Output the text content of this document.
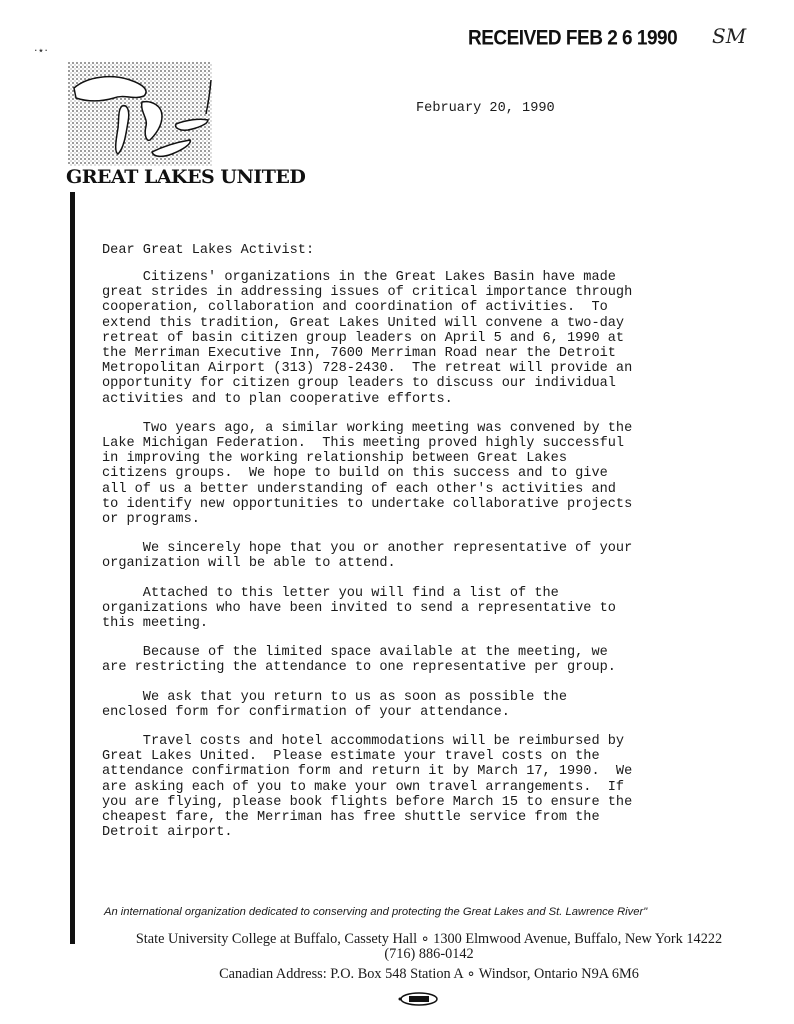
RECEIVED FEB 2 6 1990 SM
·⋆·
GREAT LAKES UNITED
February 20, 1990
Dear Great Lakes Activist:

Citizens' organizations in the Great Lakes Basin have made
great strides in addressing issues of critical importance through
cooperation, collaboration and coordination of activities.  To
extend this tradition, Great Lakes United will convene a two-day
retreat of basin citizen group leaders on April 5 and 6, 1990 at
the Merriman Executive Inn, 7600 Merriman Road near the Detroit
Metropolitan Airport (313) 728-2430.  The retreat will provide an
opportunity for citizen group leaders to discuss our individual
activities and to plan cooperative efforts.

Two years ago, a similar working meeting was convened by the
Lake Michigan Federation.  This meeting proved highly successful
in improving the working relationship between Great Lakes
citizens groups.  We hope to build on this success and to give
all of us a better understanding of each other's activities and
to identify new opportunities to undertake collaborative projects
or programs.

We sincerely hope that you or another representative of your
organization will be able to attend.

Attached to this letter you will find a list of the
organizations who have been invited to send a representative to
this meeting.

Because of the limited space available at the meeting, we
are restricting the attendance to one representative per group.

We ask that you return to us as soon as possible the
enclosed form for confirmation of your attendance.

Travel costs and hotel accommodations will be reimbursed by
Great Lakes United.  Please estimate your travel costs on the
attendance confirmation form and return it by March 17, 1990.  We
are asking each of you to make your own travel arrangements.  If
you are flying, please book flights before March 15 to ensure the
cheapest fare, the Merriman has free shuttle service from the
Detroit airport.

An international organization dedicated to conserving and protecting the Great Lakes and St. Lawrence River"
State University College at Buffalo, Cassety Hall ∘ 1300 Elmwood Avenue, Buffalo, New York 14222
(716) 886-0142
Canadian Address: P.O. Box 548 Station A ∘ Windsor, Ontario N9A 6M6
